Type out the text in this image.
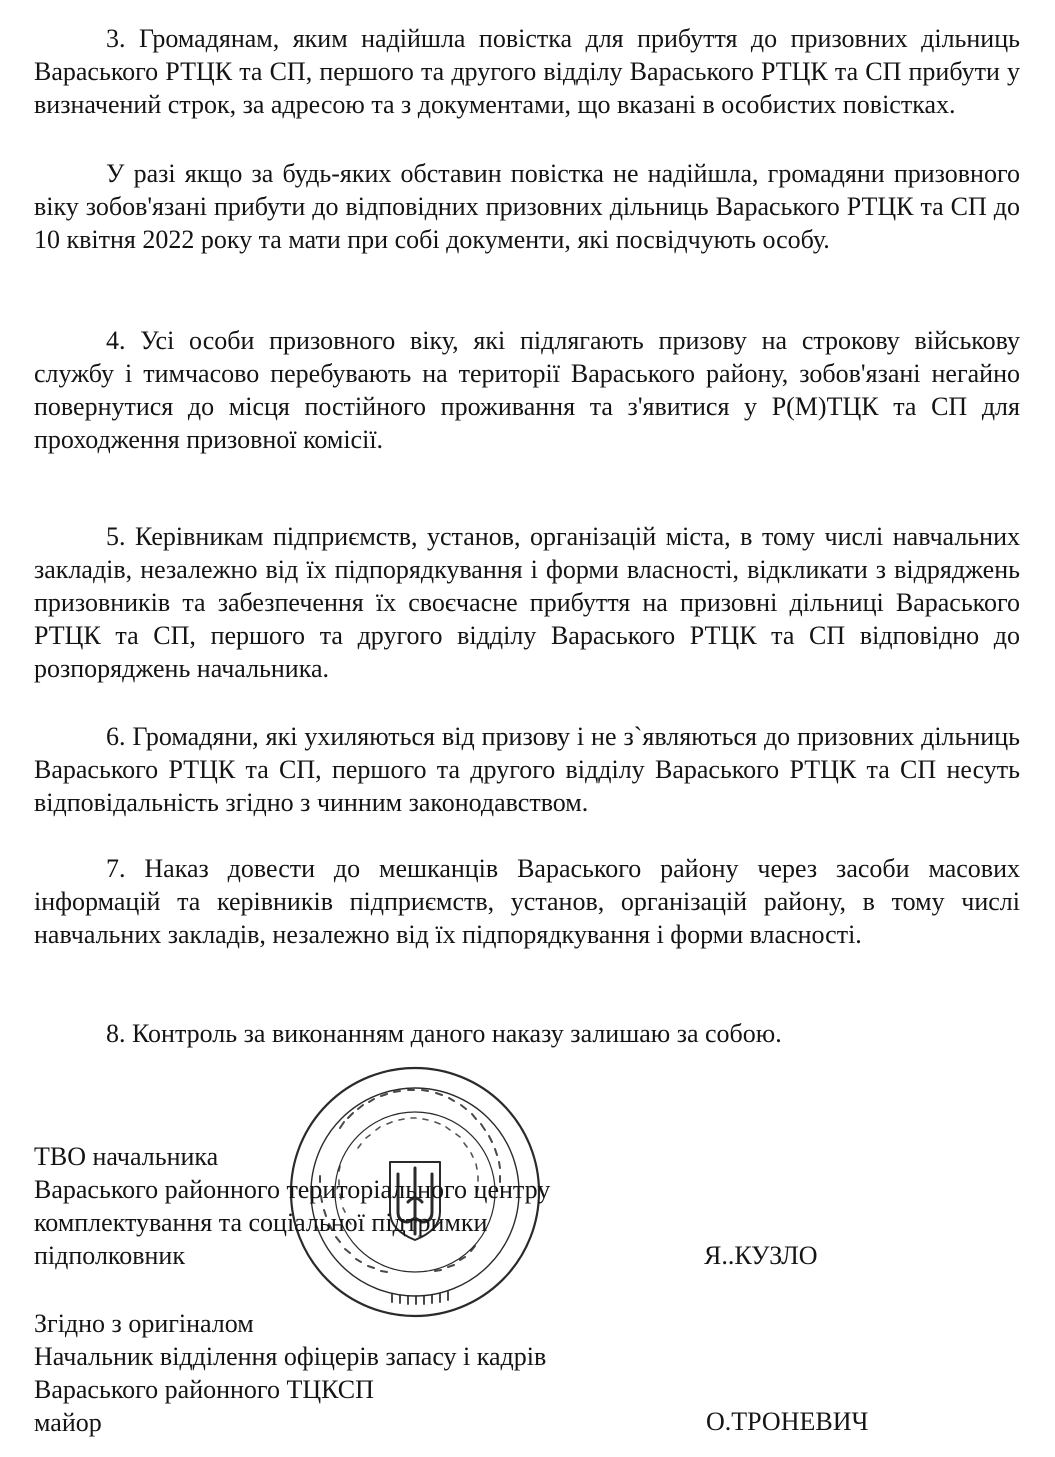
3. Громадянам, яким надійшла повістка для прибуття до призовних дільниць Вараського РТЦК та СП, першого та другого відділу Вараського РТЦК та СП прибути у визначений строк, за адресою та з документами, що вказані в особистих повістках.

У разі якщо за будь-яких обставин повістка не надійшла, громадяни призовного віку зобов'язані прибути до відповідних призовних дільниць Вараського РТЦК та СП до 10 квітня 2022 року та мати при собі документи, які посвідчують особу.

4. Усі особи призовного віку, які підлягають призову на строкову військову службу і тимчасово перебувають на території Вараського району, зобов'язані негайно повернутися до місця постійного проживання та з'явитися у Р(М)ТЦК та СП для проходження призовної комісії.

5. Керівникам підприємств, установ, організацій міста, в тому числі навчальних закладів, незалежно від їх підпорядкування і форми власності, відкликати з відряджень призовників та забезпечення їх своєчасне прибуття на призовні дільниці Вараського РТЦК та СП, першого та другого відділу Вараського РТЦК та СП відповідно до розпоряджень начальника.

6. Громадяни, які ухиляються від призову і не з`являються до призовних дільниць Вараського РТЦК та СП, першого та другого відділу Вараського РТЦК та СП несуть відповідальність згідно з чинним законодавством.

7. Наказ довести до мешканців Вараського району через засоби масових інформацій та керівників підприємств, установ, організацій району, в тому числі навчальних закладів, незалежно від їх підпорядкування і форми власності.

8. Контроль за виконанням даного наказу залишаю за собою.

ТВО начальника
Вараського районного територіального центру
комплектування та соціальної підтримки
підполковник	Я..КУЗЛО
Згідно з оригіналом
Начальник відділення офіцерів запасу і кадрів
Вараського районного ТЦКСП
майор	О.ТРОНЕВИЧ
